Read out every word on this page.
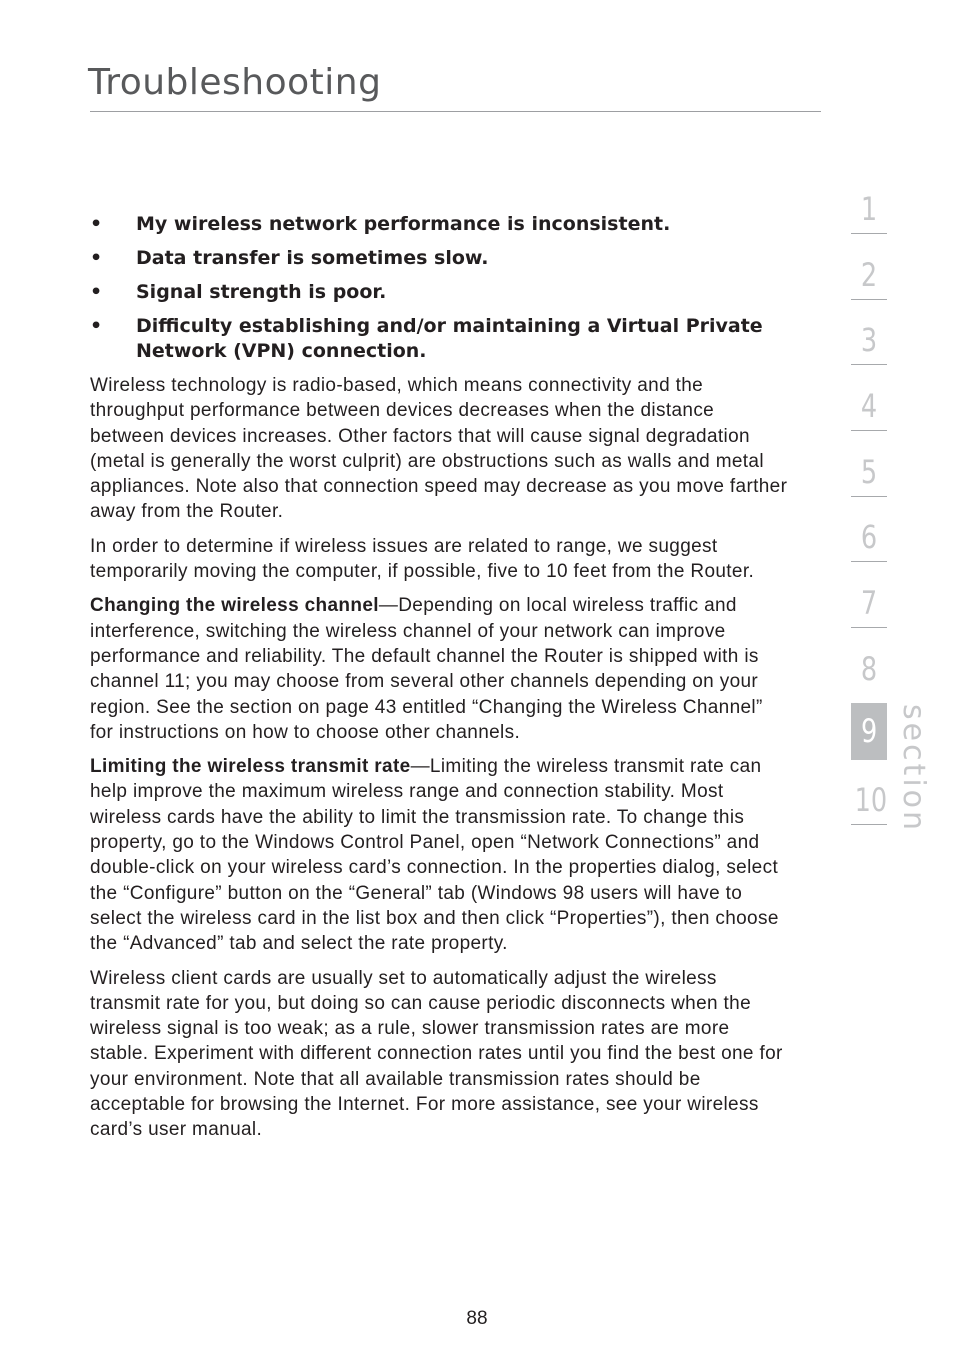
Troubleshooting
• My wireless network performance is inconsistent.
• Data transfer is sometimes slow.
• Signal strength is poor.
• Difficulty establishing and/or maintaining a Virtual Private Network (VPN) connection.

Wireless technology is radio-based, which means connectivity and the throughput performance between devices decreases when the distance between devices increases. Other factors that will cause signal degradation (metal is generally the worst culprit) are obstructions such as walls and metal appliances. Note also that connection speed may decrease as you move farther away from the Router.

In order to determine if wireless issues are related to range, we suggest temporarily moving the computer, if possible, five to 10 feet from the Router.

Changing the wireless channel—Depending on local wireless traffic and interference, switching the wireless channel of your network can improve performance and reliability. The default channel the Router is shipped with is channel 11; you may choose from several other channels depending on your region. See the section on page 43 entitled “Changing the Wireless Channel” for instructions on how to choose other channels.

Limiting the wireless transmit rate—Limiting the wireless transmit rate can help improve the maximum wireless range and connection stability. Most wireless cards have the ability to limit the transmission rate. To change this property, go to the Windows Control Panel, open “Network Connections” and double-click on your wireless card’s connection. In the properties dialog, select the “Configure” button on the “General” tab (Windows 98 users will have to select the wireless card in the list box and then click “Properties”), then choose the “Advanced” tab and select the rate property.

Wireless client cards are usually set to automatically adjust the wireless transmit rate for you, but doing so can cause periodic disconnects when the wireless signal is too weak; as a rule, slower transmission rates are more stable. Experiment with different connection rates until you find the best one for your environment. Note that all available transmission rates should be acceptable for browsing the Internet. For more assistance, see your wireless card’s user manual.

1
2
3
4
5
6
7
8
10
9 section
88
